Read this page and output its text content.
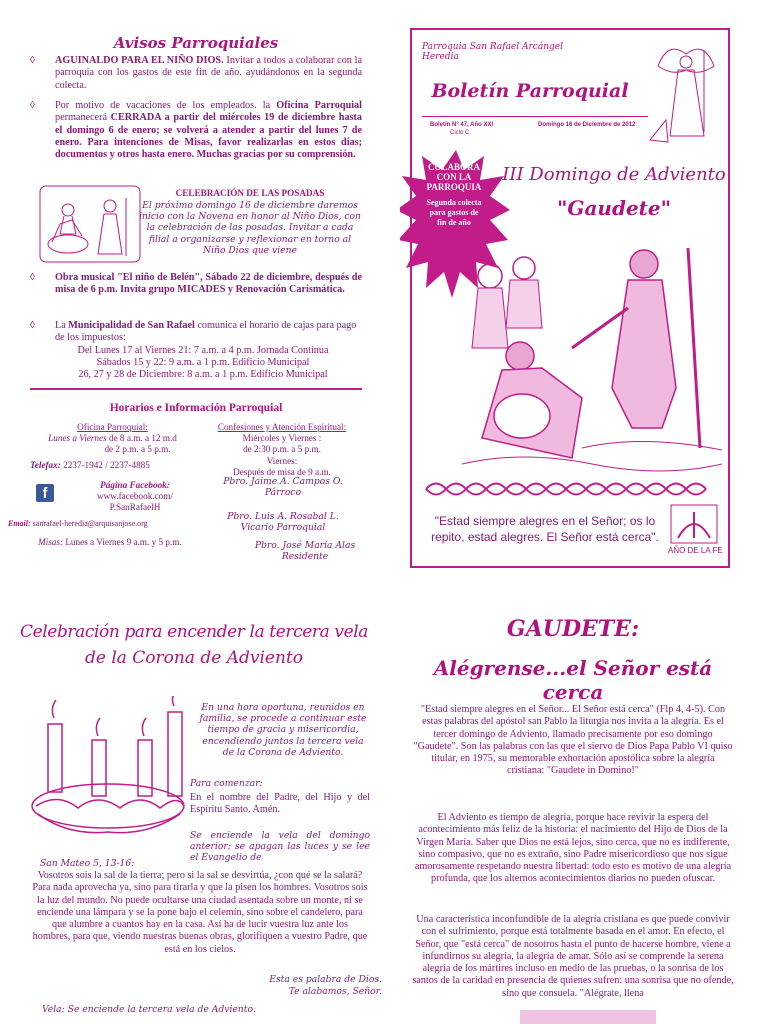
Avisos Parroquiales
◊	AGUINALDO PARA EL NIÑO DIOS. Invitar a todos a colaborar con la parroquia con los gastos de este fin de año. ayudándonos en la segunda colecta.
◊	Por motivo de vacaciones de los empleados. la Oficina Parroquial permanecerá CERRADA a partir del miércoles 19 de diciembre hasta el domingo 6 de enero; se volverá a atender a partir del lunes 7 de enero. Para intenciones de Misas, favor realizarlas en estos días; documentos y otros hasta enero. Muchas gracias por su comprensión.
CELEBRACIÓN DE LAS POSADAS
El próximo domingo 16 de diciembre daremos inicio con la Novena en honor al Niño Dios, con la celebración de las posadas. Invitar a cada filial a organizarse y reflexionar en torno al Niño Dios que viene
◊	Obra musical "El niño de Belén", Sábado 22 de diciembre, después de misa de 6 p.m. Invita grupo MICADES y Renovación Carismática.
◊	La Municipalidad de San Rafael comunica el horario de cajas para pago de los impuestos:
Del Lunes 17 al Viernes 21: 7 a.m. a 4 p.m. Jornada Continua
Sábados 15 y 22: 9 a.m. a 1 p.m. Edificio Municipal
26, 27 y 28 de Diciembre: 8 a.m. a 1 p.m. Edificio Municipal
Horarios e Información Parroquial
Oficina Parroquial:
Lunes a Viernes de 8 a.m. a 12 m.d
de 2 p.m. a 5 p.m.
Telefax: 2237-1942 / 2237-4885
Confesiones y Atención Espiritual:
Miércoles y Viernes :
de 2:30 p.m. a 5 p.m.
Viernes:
Después de misa de 9 a.m.
f	Página Facebook:
www.facebook.com/
P.SanRafaelH
Email: sanrafael-heredia@arquisanjose.org
Misas: Lunes a Viernes 9 a.m. y 5 p.m.
Pbro. Jaime A. Campos O.
Párroco
Pbro. Luis A. Rosabal L.
Vicario Parroquial
Pbro. José María Alas
Residente
Parroquia San Rafael Arcángel
Heredia
Boletín Parroquial
Boletín N° 47, Año XXI
Ciclo C
Domingo 16 de Diciembre de 2012
COLABORA
CON LA
PARROQUIA
Segunda colecta
para gastos de
fin de año
III Domingo de Adviento
"Gaudete"
"Estad siempre alegres en el Señor; os lo repito, estad alegres. El Señor está cerca".
AÑO DE LA FE
Celebración para encender la tercera vela
de la Corona de Adviento
En una hora oportuna, reunidos en familia, se procede a continuar este tiempo de gracia y misericordia, encendiendo juntos la tercera vela de la Corona de Adviento.
Para comenzar:
En el nombre del Padre, del Hijo y del Espíritu Santo. Amén.
Se enciende la vela del domingo anterior; se apagan las luces y se lee el Evangelio de
San Mateo 5, 13-16:
Vosotros sois la sal de la tierra; pero si la sal se desvirtúa, ¿con qué se la salará? Para nada aprovecha ya, sino para tirarla y que la pisen los hombres. Vosotros sois la luz del mundo. No puede ocultarse una ciudad asentada sobre un monte, ni se enciende una lámpara y se la pone bajo el celemín, sino sobre el candelero, para que alumbre a cuantos hay en la casa. Así ha de lucir vuestra luz ante los hombres, para que, viendo nuestras buenas obras, glorifiquen a vuestro Padre, que está en los cielos.
Esta es palabra de Dios.
Te alabamos, Señor.
Vela: Se enciende la tercera vela de Adviento.
GAUDETE:
Alégrense...el Señor está cerca
"Estad siempre alegres en el Señor... El Señor está cerca" (Flp 4, 4-5). Con estas palabras del apóstol san Pablo la liturgia nos invita a la alegría. Es el tercer domingo de Adviento, llamado precisamente por eso domingo "Gaudete". Son las palabras con las que el siervo de Dios Papa Pablo VI quiso titular, en 1975, su memorable exhortación apostólica sobre la alegría cristiana: "Gaudete in Domino!"
El Adviento es tiempo de alegría, porque hace revivir la espera del acontecimiento más feliz de la historia: el nacimiento del Hijo de Dios de la Virgen María. Saber que Dios no está lejos, sino cerca, que no es indiferente, sino compasivo, que no es extraño, sino Padre misericordioso que nos sigue amorosamente respetando nuestra libertad: todo esto es motivo de una alegría profunda, que los alternos acontecimientos diarios no pueden ofuscar.
Una característica inconfundible de la alegría cristiana es que puede convivir con el sufrimiento, porque está totalmente basada en el amor. En efecto, el Señor, que "está cerca" de nosotros hasta el punto de hacerse hombre, viene a infundirnos su alegría, la alegría de amar. Sólo así se comprende la serena alegría de los mártires incluso en medio de las pruebas, o la sonrisa de los santos de la caridad en presencia de quienes sufren: una sonrisa que no ofende, sino que consuela. "Alégrate, llena
